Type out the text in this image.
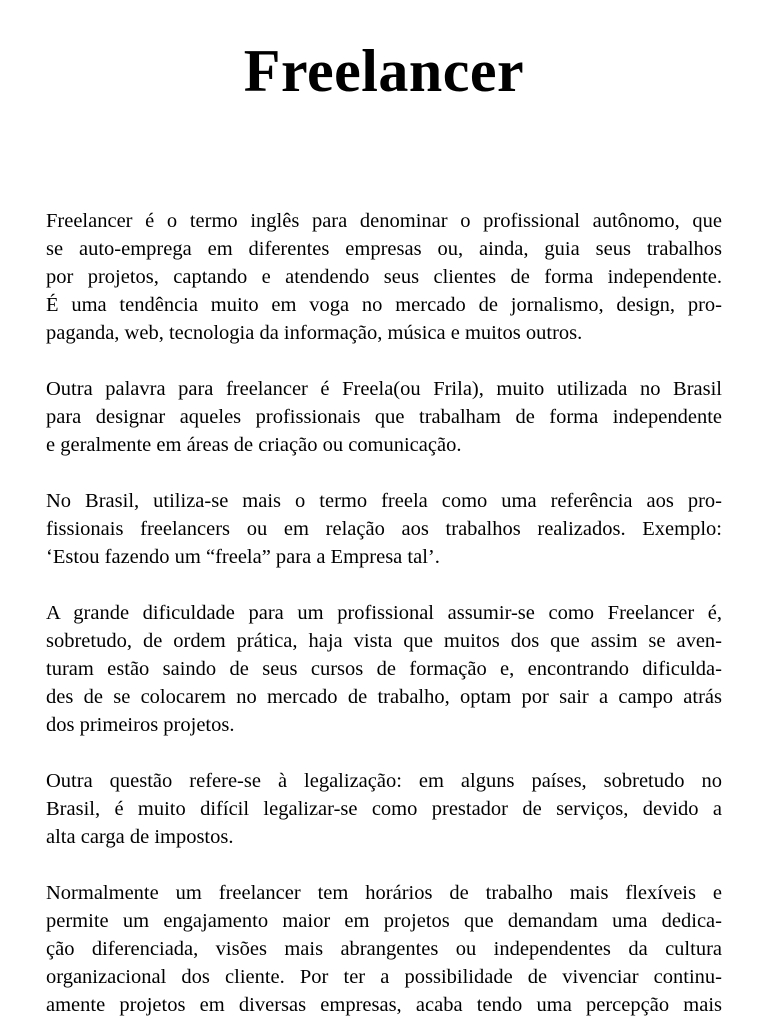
Freelancer

Freelancer é o termo inglês para denominar o profissional autônomo, que
se auto-emprega em diferentes empresas ou, ainda, guia seus trabalhos
por projetos, captando e atendendo seus clientes de forma independente.
É uma tendência muito em voga no mercado de jornalismo, design, pro-
paganda, web, tecnologia da informação, música e muitos outros.

Outra palavra para freelancer é Freela(ou Frila), muito utilizada no Brasil
para designar aqueles profissionais que trabalham de forma independente
e geralmente em áreas de criação ou comunicação.

No Brasil, utiliza-se mais o termo freela como uma referência aos pro-
fissionais freelancers ou em relação aos trabalhos realizados. Exemplo:
‘Estou fazendo um “freela” para a Empresa tal’.

A grande dificuldade para um profissional assumir-se como Freelancer é,
sobretudo, de ordem prática, haja vista que muitos dos que assim se aven-
turam estão saindo de seus cursos de formação e, encontrando dificulda-
des de se colocarem no mercado de trabalho, optam por sair a campo atrás
dos primeiros projetos.

Outra questão refere-se à legalização: em alguns países, sobretudo no
Brasil, é muito difícil legalizar-se como prestador de serviços, devido a
alta carga de impostos.

Normalmente um freelancer tem horários de trabalho mais flexíveis e
permite um engajamento maior em projetos que demandam uma dedica-
ção diferenciada, visões mais abrangentes ou independentes da cultura
organizacional dos cliente. Por ter a possibilidade de vivenciar continu-
amente projetos em diversas empresas, acaba tendo uma percepção mais
